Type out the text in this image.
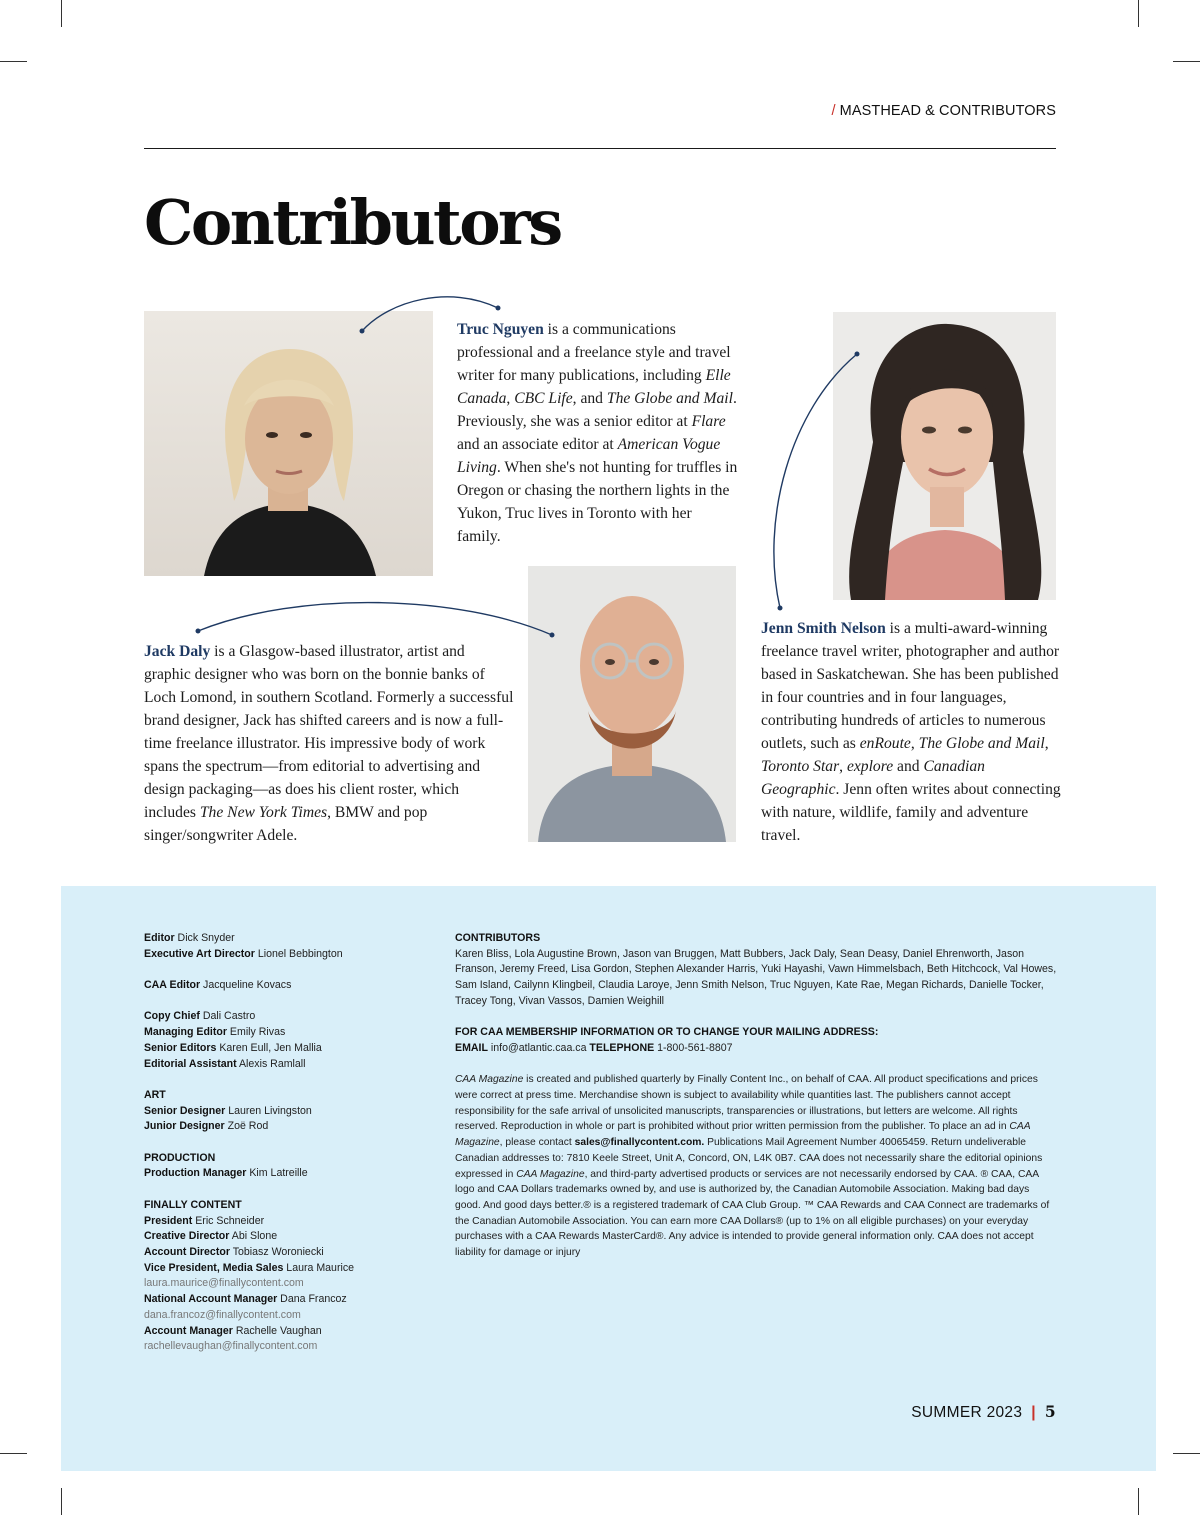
/ MASTHEAD & CONTRIBUTORS
Contributors

Truc Nguyen is a communications professional and a freelance style and travel writer for many publications, including Elle Canada, CBC Life, and The Globe and Mail. Previously, she was a senior editor at Flare and an associate editor at American Vogue Living. When she's not hunting for truffles in Oregon or chasing the northern lights in the Yukon, Truc lives in Toronto with her family.

Jack Daly is a Glasgow-based illustrator, artist and graphic designer who was born on the bonnie banks of Loch Lomond, in southern Scotland. Formerly a successful brand designer, Jack has shifted careers and is now a full-time freelance illustrator. His impressive body of work spans the spectrum—from editorial to advertising and design packaging—as does his client roster, which includes The New York Times, BMW and pop singer/songwriter Adele.

Jenn Smith Nelson is a multi-award-winning freelance travel writer, photographer and author based in Saskatchewan. She has been published in four countries and in four languages, contributing hundreds of articles to numerous outlets, such as enRoute, The Globe and Mail, Toronto Star, explore and Canadian Geographic. Jenn often writes about connecting with nature, wildlife, family and adventure travel.

Editor Dick Snyder

Executive Art Director Lionel Bebbington

CAA Editor Jacqueline Kovacs

Copy Chief Dali Castro

Managing Editor Emily Rivas

Senior Editors Karen Eull, Jen Mallia

Editorial Assistant Alexis Ramlall

ART

Senior Designer Lauren Livingston

Junior Designer Zoë Rod

PRODUCTION

Production Manager Kim Latreille

FINALLY CONTENT

President Eric Schneider

Creative Director Abi Slone

Account Director Tobiasz Woroniecki

Vice President, Media Sales Laura Maurice

laura.maurice@finallycontent.com

National Account Manager Dana Francoz

dana.francoz@finallycontent.com

Account Manager Rachelle Vaughan

rachellevaughan@finallycontent.com

CONTRIBUTORS

Karen Bliss, Lola Augustine Brown, Jason van Bruggen, Matt Bubbers, Jack Daly, Sean Deasy, Daniel Ehrenworth, Jason Franson, Jeremy Freed, Lisa Gordon, Stephen Alexander Harris, Yuki Hayashi, Vawn Himmelsbach, Beth Hitchcock, Val Howes, Sam Island, Cailynn Klingbeil, Claudia Laroye, Jenn Smith Nelson, Truc Nguyen, Kate Rae, Megan Richards, Danielle Tocker, Tracey Tong, Vivan Vassos, Damien Weighill

FOR CAA MEMBERSHIP INFORMATION OR TO CHANGE YOUR MAILING ADDRESS:

EMAIL info@atlantic.caa.ca TELEPHONE 1-800-561-8807

CAA Magazine is created and published quarterly by Finally Content Inc., on behalf of CAA. All product specifications and prices were correct at press time. Merchandise shown is subject to availability while quantities last. The publishers cannot accept responsibility for the safe arrival of unsolicited manuscripts, transparencies or illustrations, but letters are welcome. All rights reserved. Reproduction in whole or part is prohibited without prior written permission from the publisher. To place an ad in CAA Magazine, please contact sales@finallycontent.com. Publications Mail Agreement Number 40065459. Return undeliverable Canadian addresses to: 7810 Keele Street, Unit A, Concord, ON, L4K 0B7. CAA does not necessarily share the editorial opinions expressed in CAA Magazine, and third-party advertised products or services are not necessarily endorsed by CAA. ® CAA, CAA logo and CAA Dollars trademarks owned by, and use is authorized by, the Canadian Automobile Association. Making bad days good. And good days better.® is a registered trademark of CAA Club Group. ™ CAA Rewards and CAA Connect are trademarks of the Canadian Automobile Association. You can earn more CAA Dollars® (up to 1% on all eligible purchases) on your everyday purchases with a CAA Rewards MasterCard®. Any advice is intended to provide general information only. CAA does not accept liability for damage or injury

SUMMER 2023 | 5
